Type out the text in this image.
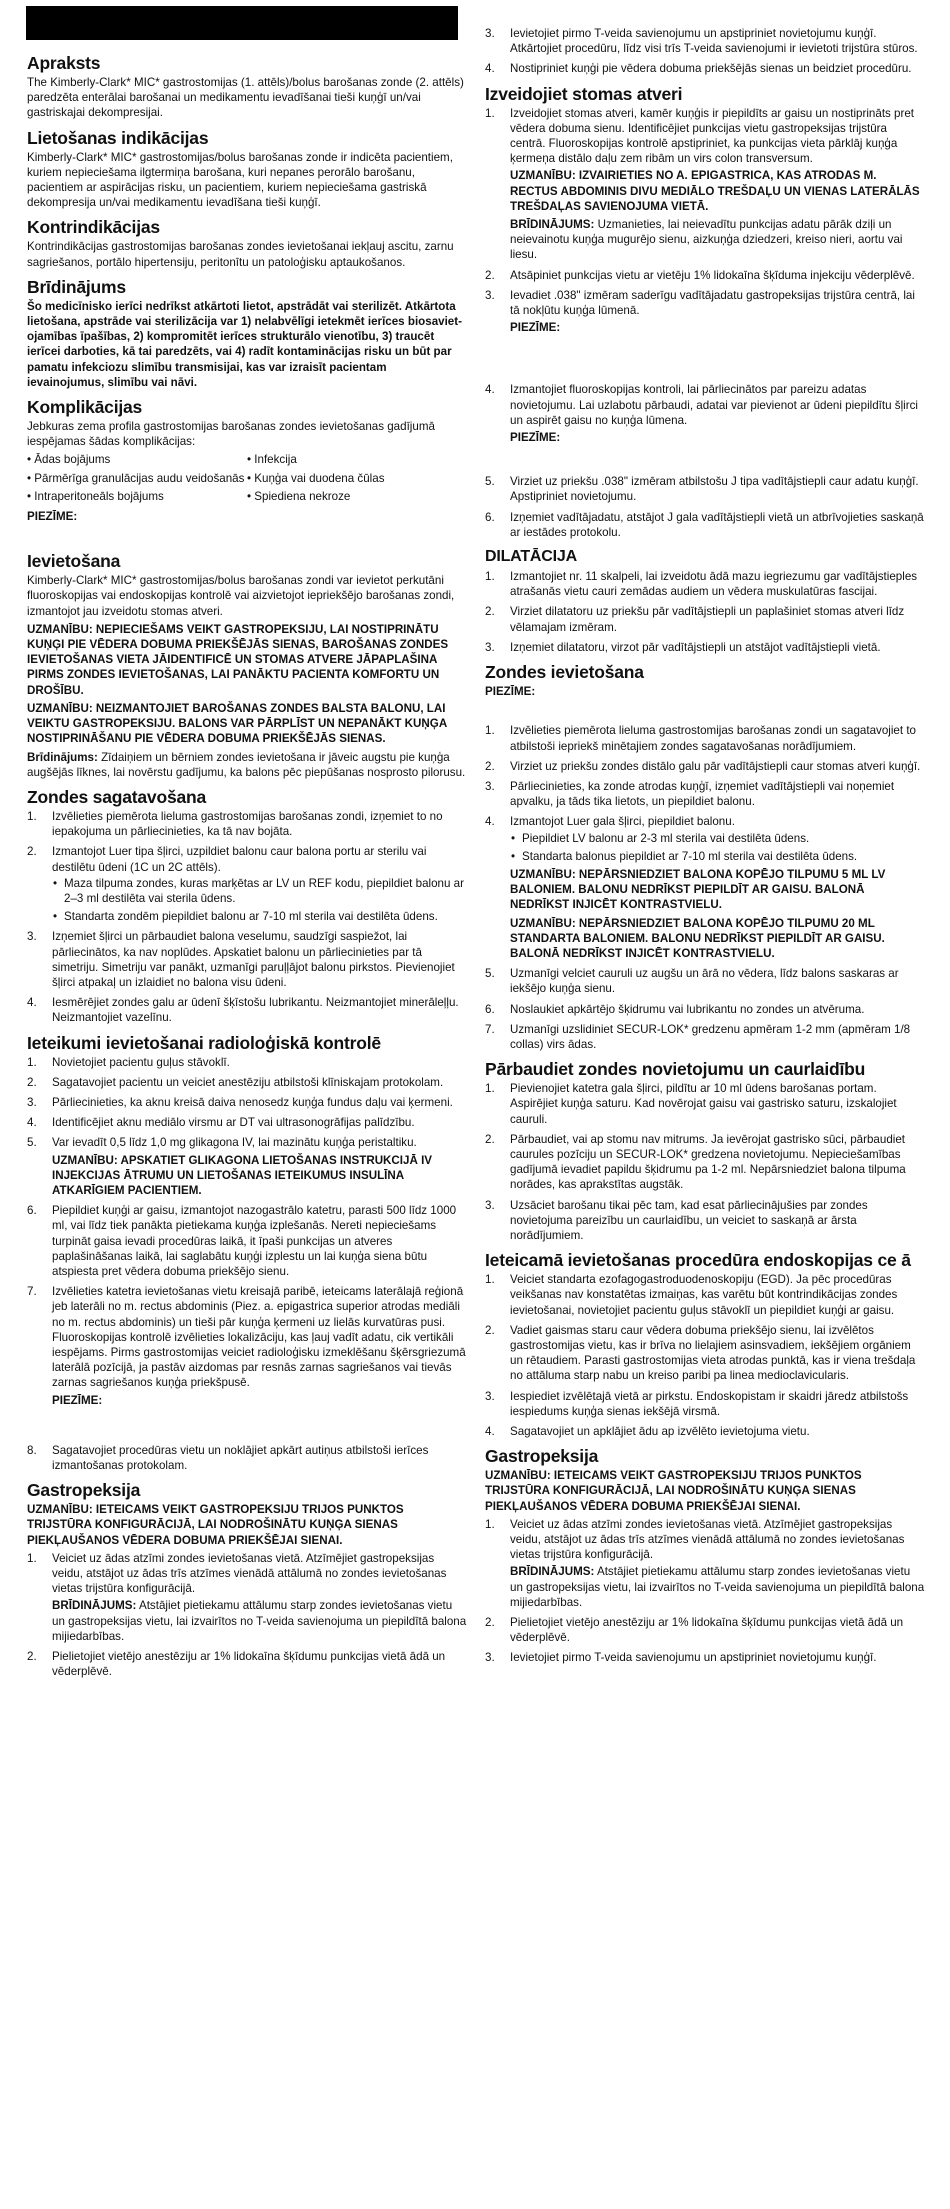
Apraksts

The Kimberly-Clark* MIC* gastrostomijas (1. attēls)/bolus barošanas zonde (2. attēls) paredzēta enterālai barošanai un medikamentu ievadīšanai tieši kuņģī un/vai gastriskajai dekompresijai.

Lietošanas indikācijas

Kimberly-Clark* MIC* gastrostomijas/bolus barošanas zonde ir indicēta pacientiem, kuriem nepieciešama ilgtermiņa barošana, kuri nepanes perorālo barošanu, pacientiem ar aspirācijas risku, un pacientiem, kuriem nepieciešama gastriskā dekompresija un/vai medikamentu ievadīšana tieši kuņģī.

Kontrindikācijas

Kontrindikācijas gastrostomijas barošanas zondes ievietošanai iekļauj ascitu, zarnu sagriešanos, portālo hipertensiju, peritonītu un patoloģisku aptaukošanos.

Brīdinājums

Šo medicīnisko ierīci nedrīkst atkārtoti lietot, apstrādāt vai sterilizēt. Atkārtota lietošana, apstrāde vai sterilizācija var 1) nelabvēlīgi ietekmēt ierīces biosavietojamības īpašības, 2) kompromitēt ierīces strukturālo vienotību, 3) traucēt ierīcei darboties, kā tai paredzēts, vai 4) radīt kontaminācijas risku un būt par pamatu infekciozu slimību transmisijai, kas var izraisīt pacientam ievainojumus, slimību vai nāvi.

Komplikācijas

Jebkuras zema profila gastrostomijas barošanas zondes ievietošanas gadījumā iespējamas šādas komplikācijas:

• Ādas bojājums	• Infekcija
• Pārmērīga granulācijas audu veidošanās • Kuņģa vai duodena čūlas
• Intraperitoneāls bojājums	• Spiediena nekroze

PIEZĪME:

Ievietošana

Kimberly-Clark* MIC* gastrostomijas/bolus barošanas zondi var ievietot perkutāni fluoroskopijas vai endoskopijas kontrolē vai aizvietojot iepriekšējo barošanas zondi, izmantojot jau izveidotu stomas atveri.

UZMANĪBU: NEPIECIEŠAMS VEIKT GASTROPEKSIJU, LAI NOSTIPRINĀTU KUŅĢI PIE VĒDERA DOBUMA PRIEKŠĒJĀS SIENAS, BAROŠANAS ZONDES IEVIETOŠANAS VIETA JĀIDENTIFICĒ UN STOMAS ATVERE JĀPAPLAŠINA PIRMS ZONDES IEVIETOŠANAS, LAI PANĀKTU PACIENTA KOMFORTU UN DROŠĪBU.

UZMANĪBU: NEIZMANTOJIET BAROŠANAS ZONDES BALSTA BALONU, LAI VEIKTU GASTROPEKSIJU. BALONS VAR PĀRPLĪST UN NEPANĀKT KUŅĢA NOSTIPRINĀŠANU PIE VĒDERA DOBUMA PRIEKŠĒJĀS SIENAS.

Brīdinājums: Zīdaiņiem un bērniem zondes ievietošana ir jāveic augstu pie kuņģa augšējās līknes, lai novērstu gadījumu, ka balons pēc piepūšanas nosprosto pilorusu.

Zondes sagatavošana
1.	Izvēlieties piemērota lieluma gastrostomijas barošanas zondi, izņemiet to no iepakojuma un pārliecinieties, ka tā nav bojāta.
2.	Izmantojot Luer tipa šļirci, uzpildiet balonu caur balona portu ar sterilu vai destilētu ūdeni (1C un 2C attēls).
• Maza tilpuma zondes, kuras marķētas ar LV un REF kodu, piepildiet balonu ar 2–3 ml destilēta vai sterila ūdens.
• Standarta zondēm piepildiet balonu ar 7-10 ml sterila vai destilēta ūdens.
3.	Izņemiet šļirci un pārbaudiet balona veselumu, saudzīgi saspiežot, lai pārliecinātos, ka nav noplūdes. Apskatiet balonu un pārliecinieties par tā simetriju. Simetriju var panākt, uzmanīgi paruļļājot balonu pirkstos. Pievienojiet šļirci atpakaļ un izlaidiet no balona visu ūdeni.
4.	Iesmērējiet zondes galu ar ūdenī šķīstošu lubrikantu. Neizmantojiet minerāleļļu. Neizmantojiet vazelīnu.
Ieteikumi ievietošanai radioloģiskā kontrolē
1.	Novietojiet pacientu guļus stāvoklī.
2.	Sagatavojiet pacientu un veiciet anestēziju atbilstoši klīniskajam protokolam.
3.	Pārliecinieties, ka aknu kreisā daiva nenosedz kuņģa fundus daļu vai ķermeni.
4.	Identificējiet aknu mediālo virsmu ar DT vai ultrasonogrāfijas palīdzību.
5.	Var ievadīt 0,5 līdz 1,0 mg glikagona IV, lai mazinātu kuņģa peristaltiku.

UZMANĪBU: APSKATIET GLIKAGONA LIETOŠANAS INSTRUKCIJĀ IV INJEKCIJAS ĀTRUMU UN LIETOŠANAS IETEIKUMUS INSULĪNA ATKARĪGIEM PACIENTIEM.

6.	Piepildiet kuņģi ar gaisu, izmantojot nazogastrālo katetru, parasti 500 līdz 1000 ml, vai līdz tiek panākta pietiekama kuņģa izplešanās. Nereti nepieciešams turpināt gaisa ievadi procedūras laikā, it īpaši punkcijas un atveres paplašināšanas laikā, lai saglabātu kuņģi izplestu un lai kuņģa siena būtu atspiesta pret vēdera dobuma priekšējo sienu.
7.	Izvēlieties katetra ievietošanas vietu kreisajā paribē, ieteicams laterālajā reģionā jeb laterāli no m. rectus abdominis (Piez. a. epigastrica superior atrodas mediāli no m. rectus abdominis) un tieši pār kuņģa ķermeni uz lielās kurvatūras pusi. Fluoroskopijas kontrolē izvēlieties lokalizāciju, kas ļauj vadīt adatu, cik vertikāli iespējams. Pirms gastrostomijas veiciet radioloģisku izmeklēšanu šķērsgriezumā laterālā pozīcijā, ja pastāv aizdomas par resnās zarnas sagriešanos vai tievās zarnas sagriešanos kuņģa priekšpusē.

PIEZĪME:

8.	Sagatavojiet procedūras vietu un noklājiet apkārt autiņus atbilstoši ierīces izmantošanas protokolam.
Gastropeksija

UZMANĪBU: IETEICAMS VEIKT GASTROPEKSIJU TRIJOS PUNKTOS TRIJSTŪRA KONFIGURĀCIJĀ, LAI NODROŠINĀTU KUŅĢA SIENAS PIEKĻAUŠANOS VĒDERA DOBUMA PRIEKŠĒJAI SIENAI.

1.	Veiciet uz ādas atzīmi zondes ievietošanas vietā. Atzīmējiet gastropeksijas veidu, atstājot uz ādas trīs atzīmes vienādā attālumā no zondes ievietošanas vietas trijstūra konfigurācijā.

BRĪDINĀJUMS: Atstājiet pietiekamu attālumu starp zondes ievietošanas vietu un gastropeksijas vietu, lai izvairītos no T-veida savienojuma un piepildītā balona mijiedarbības.

2.	Pielietojiet vietējo anestēziju ar 1% lidokaīna šķīdumu punkcijas vietā ādā un vēderplēvē.
3.	Ievietojiet pirmo T-veida savienojumu un apstipriniet novietojumu kuņģī. Atkārtojiet procedūru, līdz visi trīs T-veida savienojumi ir ievietoti trijstūra stūros.
4.	Nostipriniet kuņģi pie vēdera dobuma priekšējās sienas un beidziet procedūru.
Izveidojiet stomas atveri
1.	Izveidojiet stomas atveri, kamēr kuņģis ir piepildīts ar gaisu un nostiprināts pret vēdera dobuma sienu. Identificējiet punkcijas vietu gastropeksijas trijstūra centrā. Fluoroskopijas kontrolē apstipriniet, ka punkcijas vieta pārklāj kuņģa ķermeņa distālo daļu zem ribām un virs colon transversum.

UZMANĪBU: IZVAIRIETIES NO A. EPIGASTRICA, KAS ATRODAS M. RECTUS ABDOMINIS DIVU MEDIĀLO TREŠDAĻU UN VIENAS LATERĀLĀS TREŠDAĻAS SAVIENOJUMA VIETĀ.

BRĪDINĀJUMS: Uzmanieties, lai neievadītu punkcijas adatu pārāk dziļi un neievainotu kuņģa mugurējo sienu, aizkuņģa dziedzeri, kreiso nieri, aortu vai liesu.

2.	Atsāpiniet punkcijas vietu ar vietēju 1% lidokaīna šķīduma injekciju vēderplēvē.
3.	Ievadiet .038" izmēram saderīgu vadītājadatu gastropeksijas trijstūra centrā, lai tā nokļūtu kuņģa lūmenā.

PIEZĪME:

4.	Izmantojiet fluoroskopijas kontroli, lai pārliecinātos par pareizu adatas novietojumu. Lai uzlabotu pārbaudi, adatai var pievienot ar ūdeni piepildītu šļirci un aspirēt gaisu no kuņģa lūmena.

PIEZĪME:

5.	Virziet uz priekšu .038" izmēram atbilstošu J tipa vadītājstiepli caur adatu kuņģī. Apstipriniet novietojumu.
6.	Izņemiet vadītājadatu, atstājot J gala vadītājstiepli vietā un atbrīvojieties saskaņā ar iestādes protokolu.
DILATĀCIJA
1.	Izmantojiet nr. 11 skalpeli, lai izveidotu ādā mazu iegriezumu gar vadītājstieples atrašanās vietu cauri zemādas audiem un vēdera muskulatūras fascijai.
2.	Virziet dilatatoru uz priekšu pār vadītājstiepli un paplašiniet stomas atveri līdz vēlamajam izmēram.
3.	Izņemiet dilatatoru, virzot pār vadītājstiepli un atstājot vadītājstiepli vietā.
Zondes ievietošana

PIEZĪME:

1.	Izvēlieties piemērota lieluma gastrostomijas barošanas zondi un sagatavojiet to atbilstoši iepriekš minētajiem zondes sagatavošanas norādījumiem.
2.	Virziet uz priekšu zondes distālo galu pār vadītājstiepli caur stomas atveri kuņģī.
3.	Pārliecinieties, ka zonde atrodas kuņģī, izņemiet vadītājstiepli vai noņemiet apvalku, ja tāds tika lietots, un piepildiet balonu.
4.	Izmantojot Luer gala šļirci, piepildiet balonu.
• Piepildiet LV balonu ar 2-3 ml sterila vai destilēta ūdens.
• Standarta balonus piepildiet ar 7-10 ml sterila vai destilēta ūdens.

UZMANĪBU: NEPĀRSNIEDZIET BALONA KOPĒJO TILPUMU 5 ML LV BALONIEM. BALONU NEDRĪKST PIEPILDĪT AR GAISU. BALONĀ NEDRĪKST INJICĒT KONTRASTVIELU.

UZMANĪBU: NEPĀRSNIEDZIET BALONA KOPĒJO TILPUMU 20 ML STANDARTA BALONIEM. BALONU NEDRĪKST PIEPILDĪT AR GAISU. BALONĀ NEDRĪKST INJICĒT KONTRASTVIELU.

5.	Uzmanīgi velciet cauruli uz augšu un ārā no vēdera, līdz balons saskaras ar iekšējo kuņģa sienu.
6.	Noslaukiet apkārtējo šķidrumu vai lubrikantu no zondes un atvēruma.
7.	Uzmanīgi uzslidiniet SECUR-LOK* gredzenu apmēram 1-2 mm (apmēram 1/8 collas) virs ādas.
Pārbaudiet zondes novietojumu un caurlaidību
1.	Pievienojiet katetra gala šļirci, pildītu ar 10 ml ūdens barošanas portam. Aspirējiet kuņģa saturu. Kad novērojat gaisu vai gastrisko saturu, izskalojiet cauruli.
2.	Pārbaudiet, vai ap stomu nav mitrums. Ja ievērojat gastrisko sūci, pārbaudiet caurules pozīciju un SECUR-LOK* gredzena novietojumu. Nepieciešamības gadījumā ievadiet papildu šķidrumu pa 1-2 ml. Nepārsniedziet balona tilpuma norādes, kas aprakstītas augstāk.
3.	Uzsāciet barošanu tikai pēc tam, kad esat pārliecinājušies par zondes novietojuma pareizību un caurlaidību, un veiciet to saskaņā ar ārsta norādījumiem.
Ieteicamā ievietošanas procedūra endoskopijas ce ā
1.	Veiciet standarta ezofagogastroduodenoskopiju (EGD). Ja pēc procedūras veikšanas nav konstatētas izmaiņas, kas varētu būt kontrindikācijas zondes ievietošanai, novietojiet pacientu guļus stāvoklī un piepildiet kuņģi ar gaisu.
2.	Vadiet gaismas staru caur vēdera dobuma priekšējo sienu, lai izvēlētos gastrostomijas vietu, kas ir brīva no lielajiem asinsvadiem, iekšējiem orgāniem un rētaudiem. Parasti gastrostomijas vieta atrodas punktā, kas ir viena trešdaļa no attāluma starp nabu un kreiso paribi pa linea medioclavicularis.
3.	Iespiediet izvēlētajā vietā ar pirkstu. Endoskopistam ir skaidri jāredz atbilstošs iespiedums kuņģa sienas iekšējā virsmā.
4.	Sagatavojiet un apklājiet ādu ap izvēlēto ievietojuma vietu.
Gastropeksija

UZMANĪBU: IETEICAMS VEIKT GASTROPEKSIJU TRIJOS PUNKTOS TRIJSTŪRA KONFIGURĀCIJĀ, LAI NODROŠINĀTU KUŅĢA SIENAS PIEKĻAUŠANOS VĒDERA DOBUMA PRIEKŠĒJAI SIENAI.

1.	Veiciet uz ādas atzīmi zondes ievietošanas vietā. Atzīmējiet gastropeksijas veidu, atstājot uz ādas trīs atzīmes vienādā attālumā no zondes ievietošanas vietas trijstūra konfigurācijā.

BRĪDINĀJUMS: Atstājiet pietiekamu attālumu starp zondes ievietošanas vietu un gastropeksijas vietu, lai izvairītos no T-veida savienojuma un piepildītā balona mijiedarbības.

2.	Pielietojiet vietējo anestēziju ar 1% lidokaīna šķīdumu punkcijas vietā ādā un vēderplēvē.
3.	Ievietojiet pirmo T-veida savienojumu un apstipriniet novietojumu kuņģī.
